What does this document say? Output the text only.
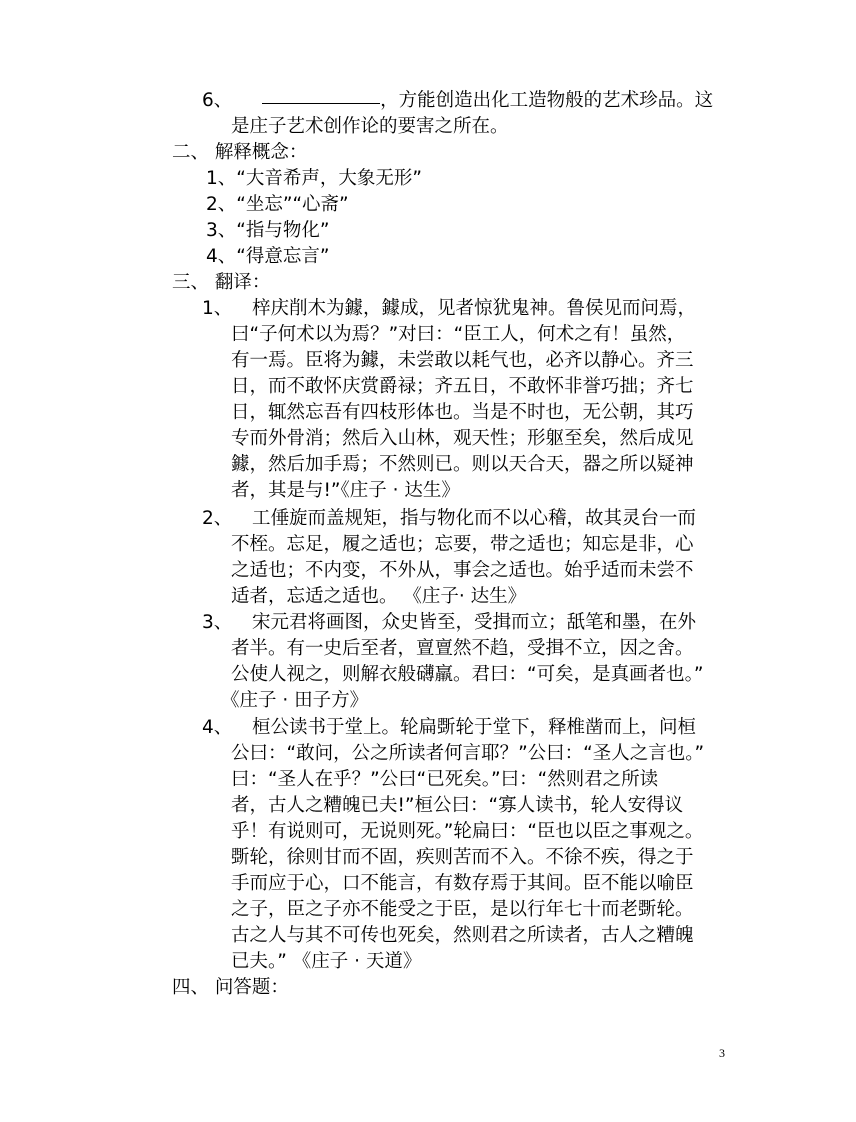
6、	，方能创造出化工造物般的艺术珍品。这
是庄子艺术创作论的要害之所在。
二、 解释概念：
1、“大音希声，大象无形”
2、“坐忘”“心斋”
3、“指与物化”
4、“得意忘言”
三、 翻译：
1、 梓庆削木为鐻，鐻成，见者惊犹鬼神。鲁侯见而问焉，
曰“子何术以为焉？”对曰：“臣工人，何术之有！虽然，
有一焉。臣将为鐻，未尝敢以耗气也，必齐以静心。齐三
日，而不敢怀庆赏爵禄；齐五日，不敢怀非誉巧拙；齐七
日，辄然忘吾有四枝形体也。当是不时也，无公朝，其巧
专而外骨消；然后入山林，观天性；形躯至矣，然后成见
鐻，然后加手焉；不然则已。则以天合天，器之所以疑神
者，其是与!”《庄子 · 达生》
2、 工倕旋而盖规矩，指与物化而不以心稽，故其灵台一而
不桎。忘足，履之适也；忘要，带之适也；知忘是非，心
之适也；不内变，不外从，事会之适也。始乎适而未尝不
适者，忘适之适也。 《庄子· 达生》
3、 宋元君将画图，众史皆至，受揖而立；舐笔和墨，在外
者半。有一史后至者，亶亶然不趋，受揖不立，因之舍。
公使人视之，则解衣般礴羸。君曰：“可矣，是真画者也。”
《庄子 · 田子方》
4、 桓公读书于堂上。轮扁斲轮于堂下，释椎凿而上，问桓
公曰：“敢问，公之所读者何言耶？”公曰：“圣人之言也。”
曰：“圣人在乎？”公曰“已死矣。”曰：“然则君之所读
者，古人之糟魄已夫!”桓公曰：“寡人读书，轮人安得议
乎！有说则可，无说则死。”轮扁曰：“臣也以臣之事观之。
斲轮，徐则甘而不固，疾则苦而不入。不徐不疾，得之于
手而应于心，口不能言，有数存焉于其间。臣不能以喻臣
之子，臣之子亦不能受之于臣，是以行年七十而老斲轮。
古之人与其不可传也死矣，然则君之所读者，古人之糟魄
已夫。” 《庄子 · 天道》
四、 问答题：
3
